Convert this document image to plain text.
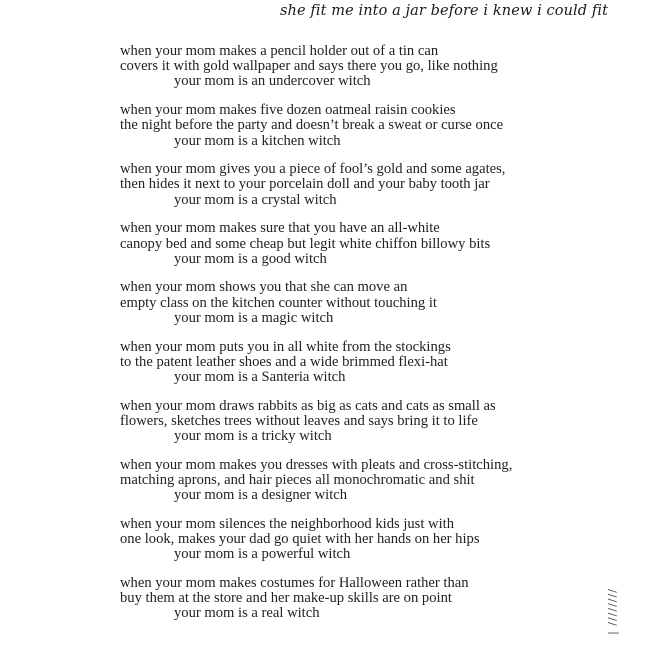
she fit me into a jar before i knew i could fit
when your mom makes a pencil holder out of a tin can
covers it with gold wallpaper and says there you go, like nothing
your mom is an undercover witch
when your mom makes five dozen oatmeal raisin cookies
the night before the party and doesn’t break a sweat or curse once
your mom is a kitchen witch
when your mom gives you a piece of fool’s gold and some agates,
then hides it next to your porcelain doll and your baby tooth jar
your mom is a crystal witch
when your mom makes sure that you have an all-white
canopy bed and some cheap but legit white chiffon billowy bits
your mom is a good witch
when your mom shows you that she can move an
empty class on the kitchen counter without touching it
your mom is a magic witch
when your mom puts you in all white from the stockings
to the patent leather shoes and a wide brimmed flexi-hat
your mom is a Santeria witch
when your mom draws rabbits as big as cats and cats as small as
flowers, sketches trees without leaves and says bring it to life
your mom is a tricky witch
when your mom makes you dresses with pleats and cross-stitching,
matching aprons, and hair pieces all monochromatic and shit
your mom is a designer witch
when your mom silences the neighborhood kids just with
one look, makes your dad go quiet with her hands on her hips
your mom is a powerful witch
when your mom makes costumes for Halloween rather than
buy them at the store and her make-up skills are on point
your mom is a real witch	| ////////
